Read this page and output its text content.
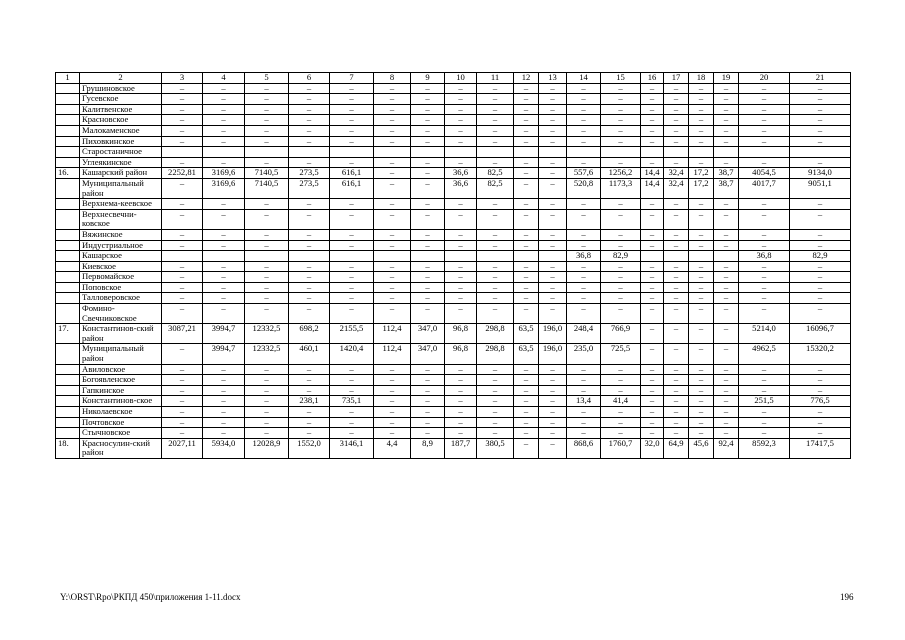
1	2	3	4	5	6	7	8	9	10	11	12	13	14	15	16	17	18	19	20	21
	Грушиновское	–	–	–	–	–	–	–	–	–	–	–	–	–	–	–	–	–	–	–
	Гусевское	–	–	–	–	–	–	–	–	–	–	–	–	–	–	–	–	–	–	–
	Калитвенское	–	–	–	–	–	–	–	–	–	–	–	–	–	–	–	–	–	–	–
	Красновское	–	–	–	–	–	–	–	–	–	–	–	–	–	–	–	–	–	–	–
	Малокаменское	–	–	–	–	–	–	–	–	–	–	–	–	–	–	–	–	–	–	–
	Пиховкинское	–	–	–	–	–	–	–	–	–	–	–	–	–	–	–	–	–	–	–
	Старостаничное																			
	Углеякинское	–	–	–	–	–	–	–	–	–	–	–	–	–	–	–	–	–	–	–
16.	Кашарский район	2252,81	3169,6	7140,5	273,5	616,1	–	–	36,6	82,5	–	–	557,6	1256,2	14,4	32,4	17,2	38,7	4054,5	9134,0
	Муниципальный район	–	3169,6	7140,5	273,5	616,1	–	–	36,6	82,5	–	–	520,8	1173,3	14,4	32,4	17,2	38,7	4017,7	9051,1
	Верхнема-кеевское	–	–	–	–	–	–	–	–	–	–	–	–	–	–	–	–	–	–	–
	Верхнесвечни-ковское	–	–	–	–	–	–	–	–	–	–	–	–	–	–	–	–	–	–	–
	Вяжинское	–	–	–	–	–	–	–	–	–	–	–	–	–	–	–	–	–	–	–
	Индустриальное	–	–	–	–	–	–	–	–	–	–	–	–	–	–	–	–	–	–	–
	Кашарское												36,8	82,9					36,8	82,9
	Киевское	–	–	–	–	–	–	–	–	–	–	–	–	–	–	–	–	–	–	–
	Первомайское	–	–	–	–	–	–	–	–	–	–	–	–	–	–	–	–	–	–	–
	Поповское	–	–	–	–	–	–	–	–	–	–	–	–	–	–	–	–	–	–	–
	Талловеровское	–	–	–	–	–	–	–	–	–	–	–	–	–	–	–	–	–	–	–
	Фомино-Свечниковское	–	–	–	–	–	–	–	–	–	–	–	–	–	–	–	–	–	–	–
17.	Константинов-ский район	3087,21	3994,7	12332,5	698,2	2155,5	112,4	347,0	96,8	298,8	63,5	196,0	248,4	766,9	–	–	–	–	5214,0	16096,7
	Муниципальный район	–	3994,7	12332,5	460,1	1420,4	112,4	347,0	96,8	298,8	63,5	196,0	235,0	725,5	–	–	–	–	4962,5	15320,2
	Авиловское	–	–	–	–	–	–	–	–	–	–	–	–	–	–	–	–	–	–	–
	Богоявленское	–	–	–	–	–	–	–	–	–	–	–	–	–	–	–	–	–	–	–
	Гапкинское	–	–	–	–	–	–	–	–	–	–	–	–	–	–	–	–	–	–	–
	Константинов-ское	–	–	–	238,1	735,1	–	–	–	–	–	–	13,4	41,4	–	–	–	–	251,5	776,5
	Николаевское	–	–	–	–	–	–	–	–	–	–	–	–	–	–	–	–	–	–	–
	Почтовское	–	–	–	–	–	–	–	–	–	–	–	–	–	–	–	–	–	–	–
	Стычновское	–	–	–	–	–	–	–	–	–	–	–	–	–	–	–	–	–	–	–
18.	Красносулин-ский район	2027,11	5934,0	12028,9	1552,0	3146,1	4,4	8,9	187,7	380,5	–	–	868,6	1760,7	32,0	64,9	45,6	92,4	8592,3	17417,5
Y:\ORST\Rpo\РКПД 450\приложения 1-11.docx	196
